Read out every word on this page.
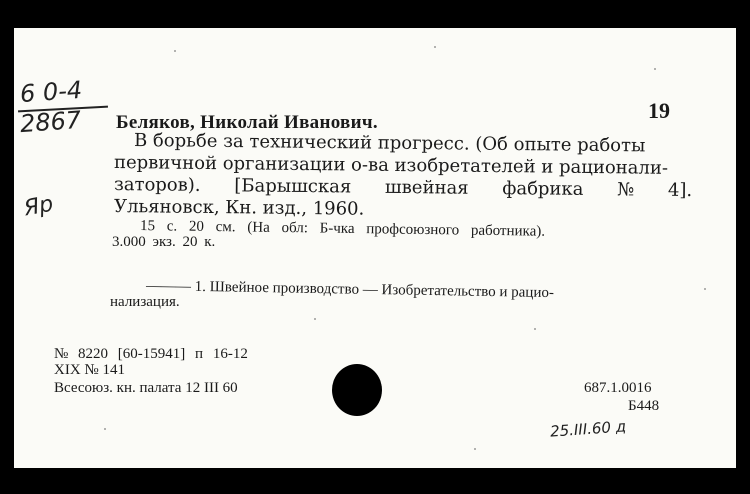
6 0-4
2867
Яр
19
Беляков, Николай Иванович.
В борьбе за технический прогресс. (Об опыте работы
первичной организации о-ва изобретателей и рационали-
заторов). [Барышская швейная фабрика № 4].
Ульяновск, Кн. изд., 1960.
15 с. 20 см. (На обл: Б-чка профсоюзного работника).
3.000 экз. 20 к.
——— 1. Швейное производство — Изобретательство и рацио-
нализация.
№ 8220 [60-15941] п 16-12
XIX № 141
Всесоюз. кн. палата 12 III 60	687.1.0016
Б448
25.III.60 д
